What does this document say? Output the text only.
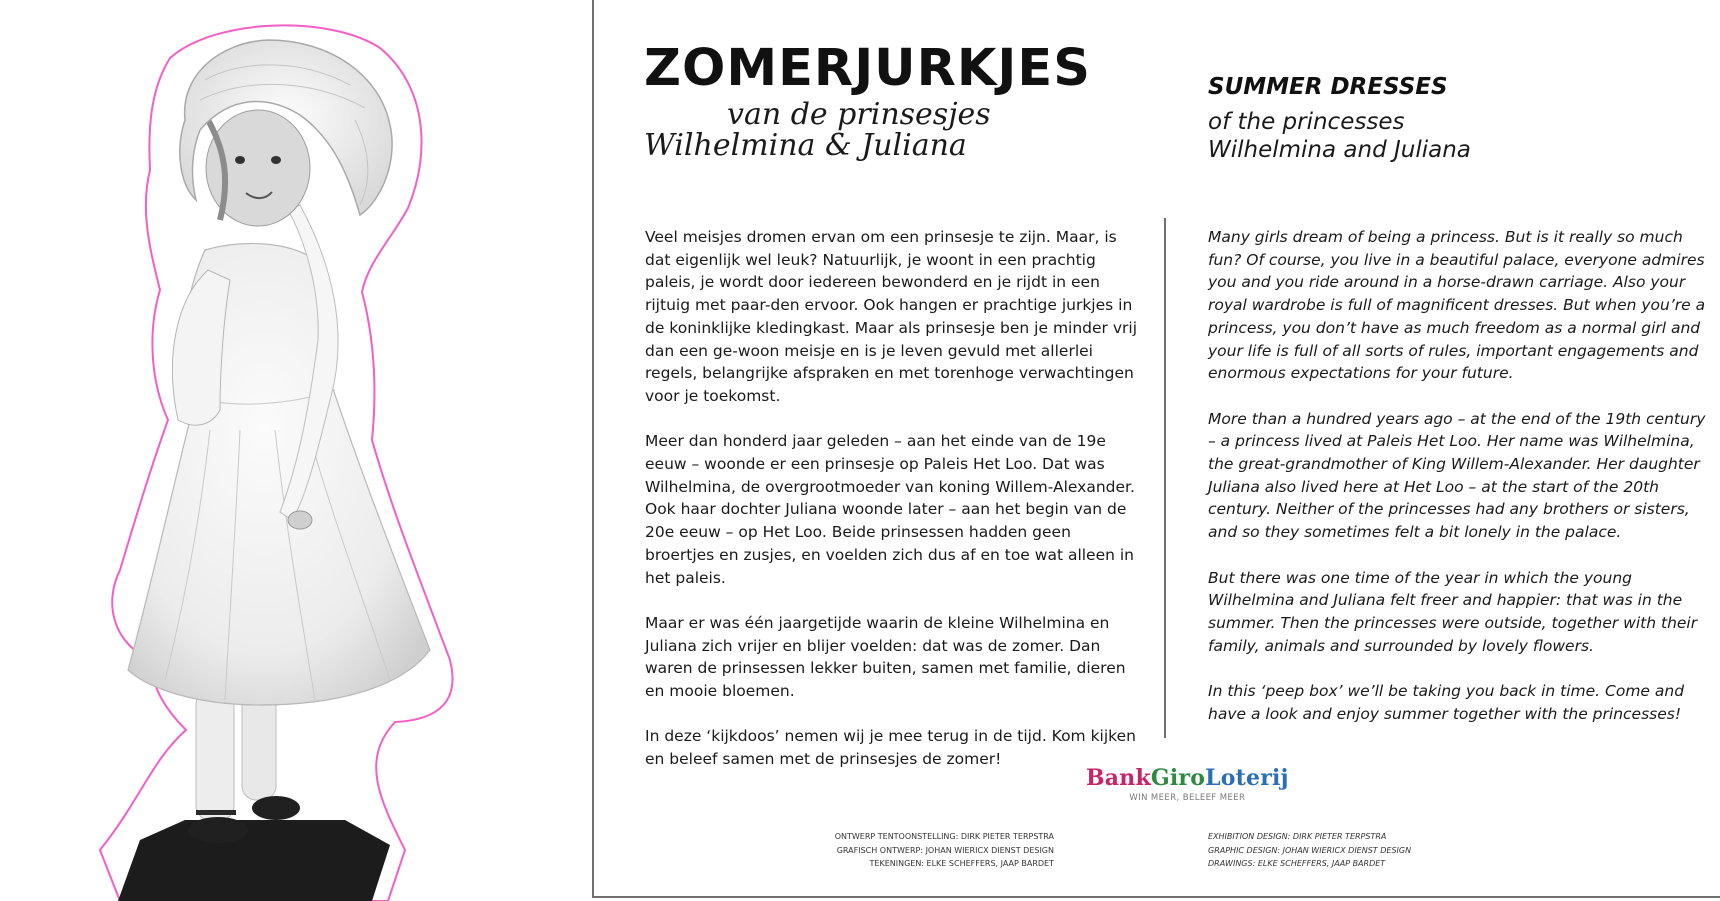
ZOMERJURKJES
van de prinsesjes
Wilhelmina & Juliana
SUMMER DRESSES
of the princesses
Wilhelmina and Juliana

Veel meisjes dromen ervan om een prinsesje te zijn. Maar, is dat eigenlijk wel leuk? Natuurlijk, je woont in een prachtig paleis, je wordt door iedereen bewonderd en je rijdt in een rijtuig met paar-den ervoor. Ook hangen er prachtige jurkjes in de koninklijke kledingkast. Maar als prinsesje ben je minder vrij dan een ge-woon meisje en is je leven gevuld met allerlei regels, belangrijke afspraken en met torenhoge verwachtingen voor je toekomst.

Meer dan honderd jaar geleden – aan het einde van de 19e eeuw – woonde er een prinsesje op Paleis Het Loo. Dat was Wilhelmina, de overgrootmoeder van koning Willem-Alexander. Ook haar dochter Juliana woonde later – aan het begin van de 20e eeuw – op Het Loo. Beide prinsessen hadden geen broertjes en zusjes, en voelden zich dus af en toe wat alleen in het paleis.

Maar er was één jaargetijde waarin de kleine Wilhelmina en Juliana zich vrijer en blijer voelden: dat was de zomer. Dan waren de prinsessen lekker buiten, samen met familie, dieren en mooie bloemen.

In deze ‘kijkdoos’ nemen wij je mee terug in de tijd. Kom kijken en beleef samen met de prinsesjes de zomer!

Many girls dream of being a princess. But is it really so much fun? Of course, you live in a beautiful palace, everyone admires you and you ride around in a horse-drawn carriage. Also your royal wardrobe is full of magnificent dresses. But when you’re a princess, you don’t have as much freedom as a normal girl and your life is full of all sorts of rules, important engagements and enormous expectations for your future.

More than a hundred years ago – at the end of the 19th century – a princess lived at Paleis Het Loo. Her name was Wilhelmina, the great-grandmother of King Willem-Alexander. Her daughter Juliana also lived here at Het Loo – at the start of the 20th century. Neither of the princesses had any brothers or sisters, and so they sometimes felt a bit lonely in the palace.

But there was one time of the year in which the young Wilhelmina and Juliana felt freer and happier: that was in the summer. Then the princesses were outside, together with their family, animals and surrounded by lovely flowers.

In this ‘peep box’ we’ll be taking you back in time. Come and have a look and enjoy summer together with the princesses!

BankGiroLoterij
WIN MEER, BELEEF MEER
ONTWERP TENTOONSTELLING: DIRK PIETER TERPSTRA
GRAFISCH ONTWERP: JOHAN WIERICX DIENST DESIGN
TEKENINGEN: ELKE SCHEFFERS, JAAP BARDET
EXHIBITION DESIGN: DIRK PIETER TERPSTRA
GRAPHIC DESIGN: JOHAN WIERICX DIENST DESIGN
DRAWINGS: ELKE SCHEFFERS, JAAP BARDET
